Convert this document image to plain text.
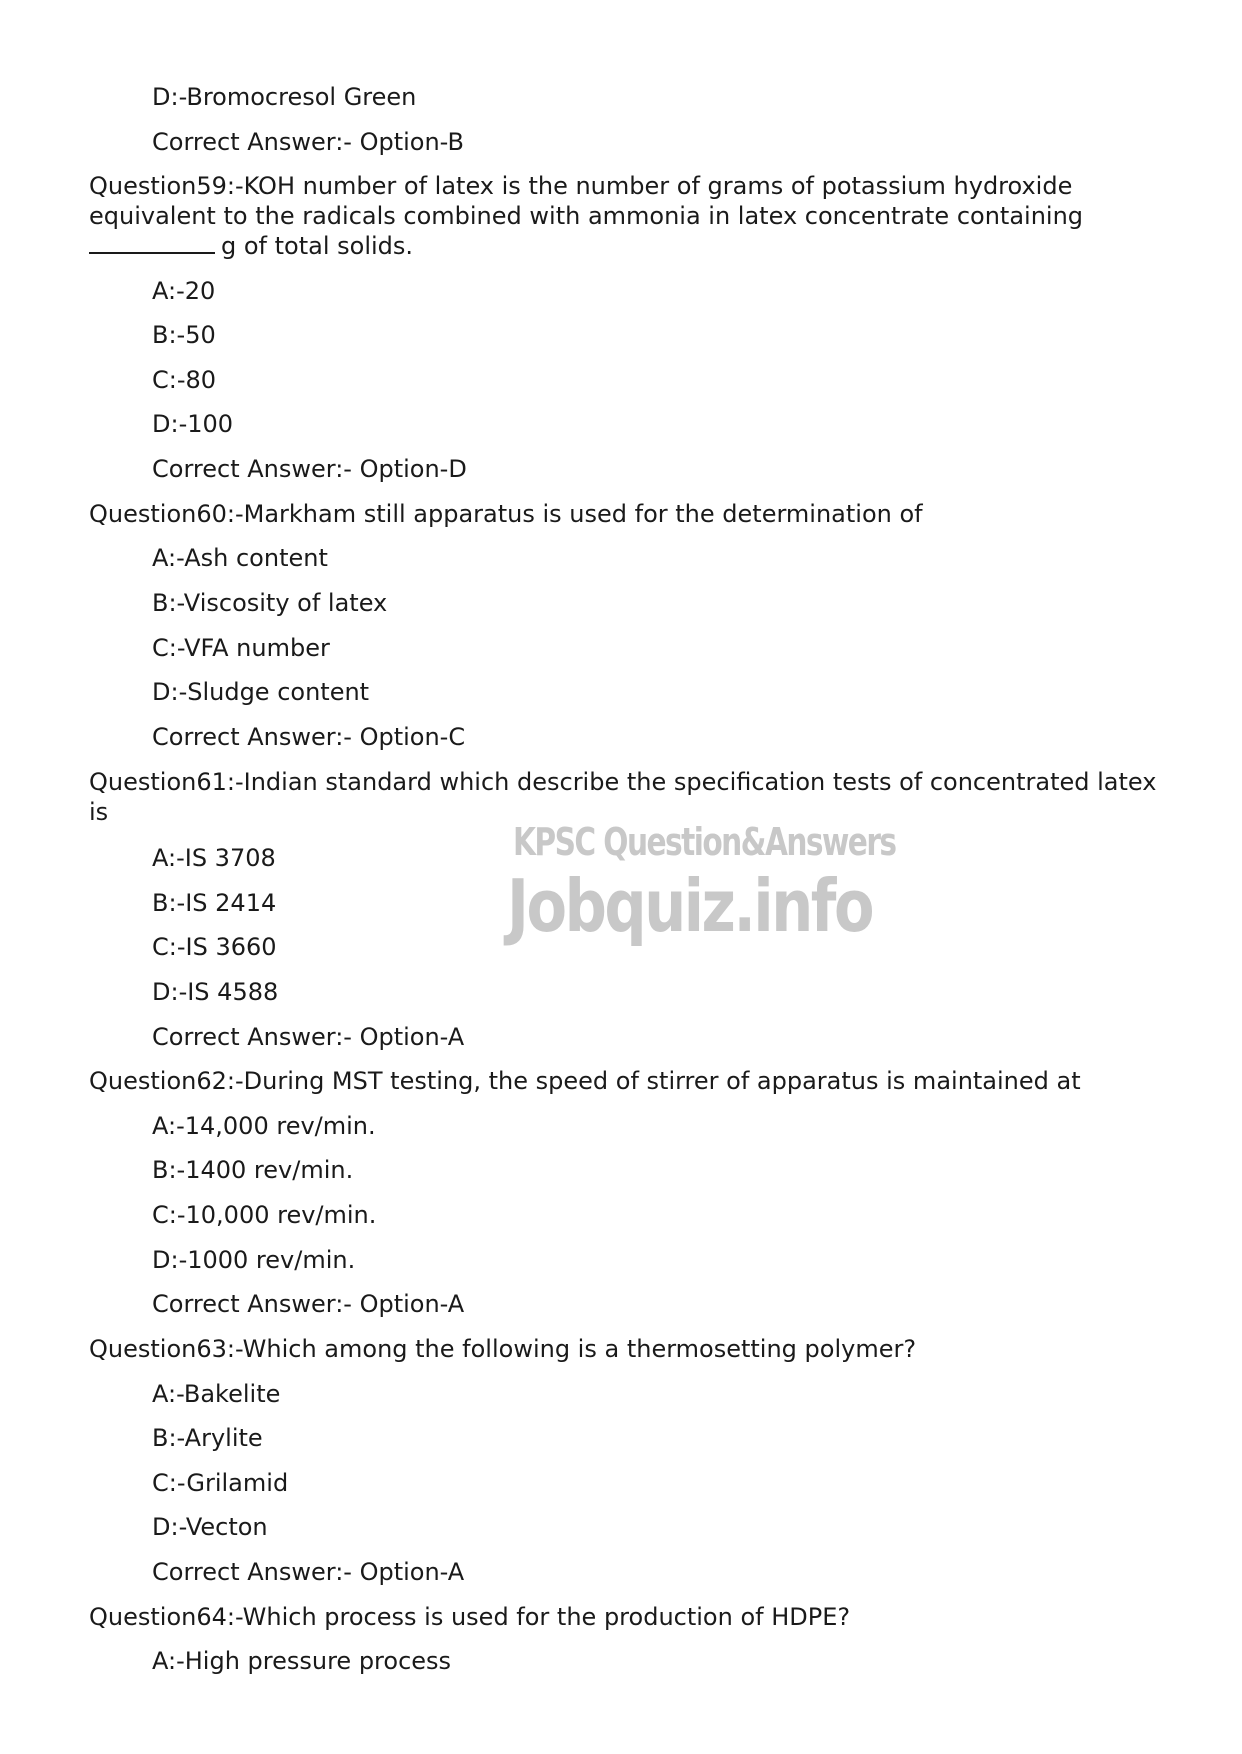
D:-Bromocresol Green
Correct Answer:- Option-B
Question59:-KOH number of latex is the number of grams of potassium hydroxide equivalent to the radicals combined with ammonia in latex concentrate containing
g of total solids.
A:-20
B:-50
C:-80
D:-100
Correct Answer:- Option-D
Question60:-Markham still apparatus is used for the determination of
A:-Ash content
B:-Viscosity of latex
C:-VFA number
D:-Sludge content
Correct Answer:- Option-C
Question61:-Indian standard which describe the specification tests of concentrated latex is
A:-IS 3708
B:-IS 2414
C:-IS 3660
D:-IS 4588
Correct Answer:- Option-A
Question62:-During MST testing, the speed of stirrer of apparatus is maintained at
A:-14,000 rev/min.
B:-1400 rev/min.
C:-10,000 rev/min.
D:-1000 rev/min.
Correct Answer:- Option-A
Question63:-Which among the following is a thermosetting polymer?
A:-Bakelite
B:-Arylite
C:-Grilamid
D:-Vecton
Correct Answer:- Option-A
Question64:-Which process is used for the production of HDPE?
A:-High pressure process
KPSC Question&Answers
Jobquiz.info
